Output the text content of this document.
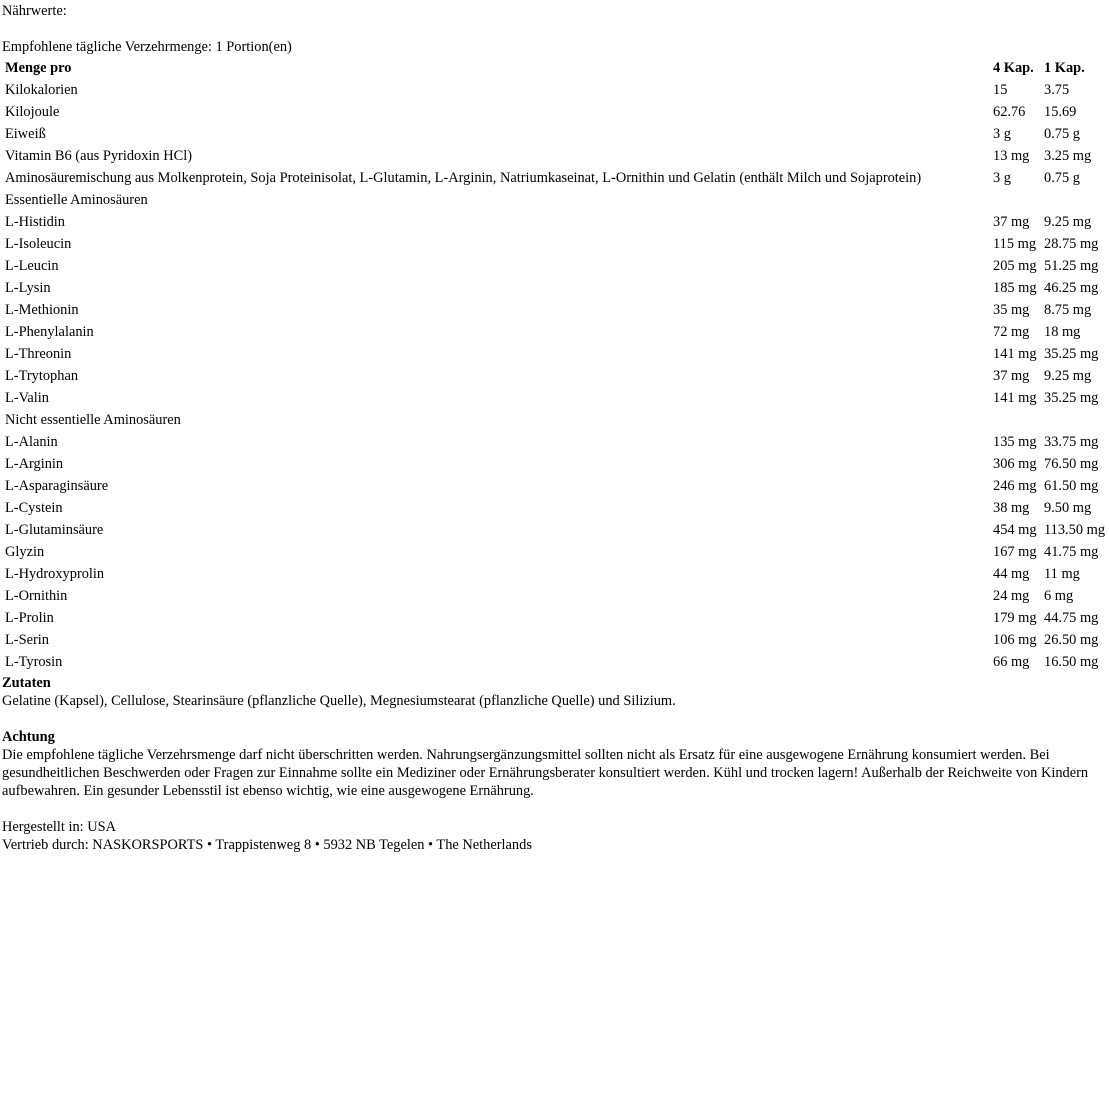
Nährwerte:

Empfohlene tägliche Verzehrmenge: 1 Portion(en)

Menge pro	4 Kap.	1 Kap.
Kilokalorien	15	3.75
Kilojoule	62.76	15.69
Eiweiß	3 g	0.75 g
Vitamin B6 (aus Pyridoxin HCl)	13 mg	3.25 mg
Aminosäuremischung aus Molkenprotein, Soja Proteinisolat, L-Glutamin, L-Arginin, Natriumkaseinat, L-Ornithin und Gelatin (enthält Milch und Sojaprotein)	3 g	0.75 g
Essentielle Aminosäuren		
L-Histidin	37 mg	9.25 mg
L-Isoleucin	115 mg	28.75 mg
L-Leucin	205 mg	51.25 mg
L-Lysin	185 mg	46.25 mg
L-Methionin	35 mg	8.75 mg
L-Phenylalanin	72 mg	18 mg
L-Threonin	141 mg	35.25 mg
L-Trytophan	37 mg	9.25 mg
L-Valin	141 mg	35.25 mg
Nicht essentielle Aminosäuren		
L-Alanin	135 mg	33.75 mg
L-Arginin	306 mg	76.50 mg
L-Asparaginsäure	246 mg	61.50 mg
L-Cystein	38 mg	9.50 mg
L-Glutaminsäure	454 mg	113.50 mg
Glyzin	167 mg	41.75 mg
L-Hydroxyprolin	44 mg	11 mg
L-Ornithin	24 mg	6 mg
L-Prolin	179 mg	44.75 mg
L-Serin	106 mg	26.50 mg
L-Tyrosin	66 mg	16.50 mg

Zutaten

Gelatine (Kapsel), Cellulose, Stearinsäure (pflanzliche Quelle), Megnesiumstearat (pflanzliche Quelle) und Silizium.

Achtung

Die empfohlene tägliche Verzehrsmenge darf nicht überschritten werden. Nahrungsergänzungsmittel sollten nicht als Ersatz für eine ausgewogene Ernährung konsumiert werden. Bei gesundheitlichen Beschwerden oder Fragen zur Einnahme sollte ein Mediziner oder Ernährungsberater konsultiert werden. Kühl und trocken lagern! Außerhalb der Reichweite von Kindern aufbewahren. Ein gesunder Lebensstil ist ebenso wichtig, wie eine ausgewogene Ernährung.

Hergestellt in: USA

Vertrieb durch: NASKORSPORTS • Trappistenweg 8 • 5932 NB Tegelen • The Netherlands
